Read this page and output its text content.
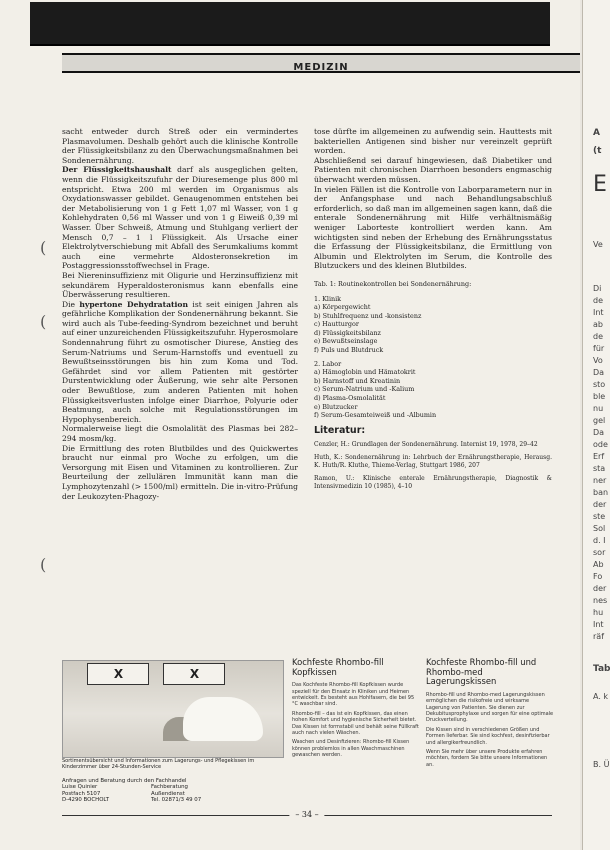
MEDIZIN
(
(
(

sacht entweder durch Streß oder ein vermindertes Plasmavolumen. Deshalb gehört auch die klinische Kontrolle der Flüssigkeitsbilanz zu den Überwachungsmaßnahmen bei Sondenernährung.

Der Flüssigkeitshaushalt darf als ausgeglichen gelten, wenn die Flüssigkeitszufuhr der Diuresemenge plus 800 ml entspricht. Etwa 200 ml werden im Organismus als Oxydationswasser gebildet. Genaugenommen entstehen bei der Metabolisierung von 1 g Fett 1,07 ml Wasser, von 1 g Kohlehydraten 0,56 ml Wasser und von 1 g Eiweiß 0,39 ml Wasser. Über Schweiß, Atmung und Stuhlgang verliert der Mensch 0,7 – 1 l Flüssigkeit. Als Ursache einer Elektrolytverschiebung mit Abfall des Serumkaliums kommt auch eine vermehrte Aldosteronsekretion im Postaggressionsstoffwechsel in Frage.

Bei Niereninsuffizienz mit Oligurie und Herzinsuffizienz mit sekundärem Hyperaldosteronismus kann ebenfalls eine Überwässerung resultieren.

Die hypertone Dehydratation ist seit einigen Jahren als gefährliche Komplikation der Sondenernährung bekannt. Sie wird auch als Tube-feeding-Syndrom bezeichnet und beruht auf einer unzureichenden Flüssigkeitszufuhr. Hyperosmolare Sondennahrung führt zu osmotischer Diurese, Anstieg des Serum-Natriums und Serum-Harnstoffs und eventuell zu Bewußtseinsstörungen bis hin zum Koma und Tod. Gefährdet sind vor allem Patienten mit gestörter Durstentwicklung oder Äußerung, wie sehr alte Personen oder Bewußtlose, zum anderen Patienten mit hohen Flüssigkeitsverlusten infolge einer Diarrhoe, Polyurie oder Beatmung, auch solche mit Regulationsstörungen im Hypophysenbereich.

Normalerweise liegt die Osmolalität des Plasmas bei 282–294 mosm/kg.

Die Ermittlung des roten Blutbildes und des Quickwertes braucht nur einmal pro Woche zu erfolgen, um die Versorgung mit Eisen und Vitaminen zu kontrollieren. Zur Beurteilung der zellulären Immunität kann man die Lymphozytenzahl (> 1500/ml) ermitteln. Die in-vitro-Prüfung der Leukozyten-Phagozy-

tose dürfte im allgemeinen zu aufwendig sein. Hauttests mit bakteriellen Antigenen sind bisher nur vereinzelt geprüft worden.

Abschließend sei darauf hingewiesen, daß Diabetiker und Patienten mit chronischen Diarrhoen besonders engmaschig überwacht werden müssen.

In vielen Fällen ist die Kontrolle von Laborparametern nur in der Anfangsphase und nach Behandlungsabschluß erforderlich, so daß man im allgemeinen sagen kann, daß die enterale Sondenernährung mit Hilfe verhältnismäßig weniger Laborteste kontrolliert werden kann. Am wichtigsten sind neben der Erhebung des Ernährungsstatus die Erfassung der Flüssigkeitsbilanz, die Ermittlung von Albumin und Elektrolyten im Serum, die Kontrolle des Blutzuckers und des kleinen Blutbildes.

Tab. 1: Routinekontrollen bei Sondenernährung:
1. Klinik
a) Körpergewicht
b) Stuhlfrequenz und -konsistenz
c) Hautturgor
d) Flüssigkeitsbilanz
e) Bewußtseinslage
f) Puls und Blutdruck
2. Labor
a) Hämoglobin und Hämatokrit
b) Harnstoff und Kreatinin
c) Serum-Natrium und -Kalium
d) Plasma-Osmolalität
e) Blutzucker
f) Serum-Gesamteiweiß und -Albumin
Literatur:
Cenzler, H.: Grundlagen der Sondenernährung. Internist 19, 1978, 29–42
Huth, K.: Sondenernährung in: Lehrbuch der Ernährungstherapie, Herausg. K. Huth/R. Kluthe, Thieme-Verlag, Stuttgart 1986, 207
Ramon, U.: Klinische enterale Ernährungstherapie, Diagnostik & Intensivmedizin 10 (1985), 4–10
X	X
Sortimentsübersicht und Informationen zum Lagerungs- und Pflegekissen im Kinderzimmer über 24-Stunden-Service
Anfragen und Beratung durch den Fachhandel
Luise Quinier
Postfach 5107
D-4290 BOCHOLT
Fachberatung
Außendienst
Tel. 02871/3 49 07
Kochfeste Rhombo-fill Kopfkissen

Das Kochfeste Rhombo-fill Kopfkissen wurde speziell für den Einsatz in Kliniken und Heimen entwickelt. Es besteht aus Hohlfasern, die bei 95 °C waschbar sind.

Rhombo-fill – das ist ein Kopfkissen, das einen hohen Komfort und hygienische Sicherheit bietet. Das Kissen ist formstabil und behält seine Füllkraft auch nach vielen Wäschen.

Waschen und Desinfizieren: Rhombo-fill Kissen können problemlos in allen Waschmaschinen gewaschen werden.

Kochfeste Rhombo-fill und Rhombo-med Lagerungskissen

Rhombo-fill und Rhombo-med Lagerungskissen ermöglichen die risikofreie und wirksame Lagerung von Patienten. Sie dienen zur Dekubitusprophylaxe und sorgen für eine optimale Druckverteilung.

Die Kissen sind in verschiedenen Größen und Formen lieferbar. Sie sind kochfest, desinfizierbar und allergikerfreundlich.

Wenn Sie mehr über unsere Produkte erfahren möchten, fordern Sie bitte unsere Informationen an.

– 34 –
A
(t
E
Ve
Di
de
Int
ab
de
für
Vo
Da
sto
ble
nu
gel
Da
ode
Erf
sta
ner
ban
der
ste
Sol
d. I
sor
Ab
Fo
der
nes
hu
Int
räf
Tab
A. k
B. Ü
